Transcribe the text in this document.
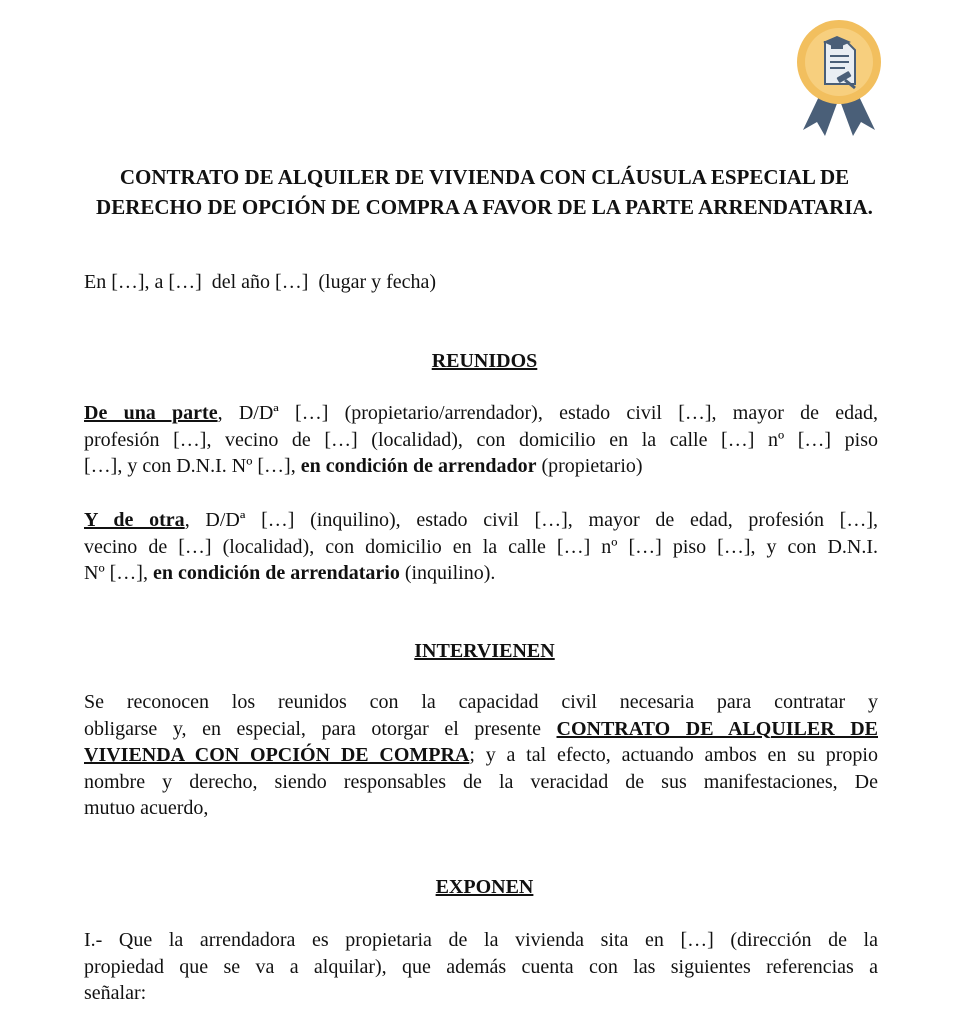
CONTRATO DE ALQUILER DE VIVIENDA CON CLÁUSULA ESPECIAL DE
DERECHO DE OPCIÓN DE COMPRA A FAVOR DE LA PARTE ARRENDATARIA.
En […], a […]  del año […]  (lugar y fecha)
REUNIDOS
De una parte, D/Dª […] (propietario/arrendador), estado civil […], mayor de edad,
profesión […], vecino de […] (localidad), con domicilio en la calle […] nº […] piso
[…], y con D.N.I. Nº […], en condición de arrendador (propietario)
Y de otra, D/Dª […] (inquilino), estado civil […], mayor de edad, profesión […],
vecino de […] (localidad), con domicilio en la calle […] nº […] piso […], y con D.N.I.
Nº […], en condición de arrendatario (inquilino).
INTERVIENEN
Se reconocen los reunidos con la capacidad civil necesaria para contratar y
obligarse y, en especial, para otorgar el presente CONTRATO DE ALQUILER DE
VIVIENDA CON OPCIÓN DE COMPRA; y a tal efecto, actuando ambos en su propio
nombre y derecho, siendo responsables de la veracidad de sus manifestaciones, De
mutuo acuerdo,
EXPONEN
I.- Que la arrendadora es propietaria de la vivienda sita en […] (dirección de la
propiedad que se va a alquilar), que además cuenta con las siguientes referencias a
señalar:
